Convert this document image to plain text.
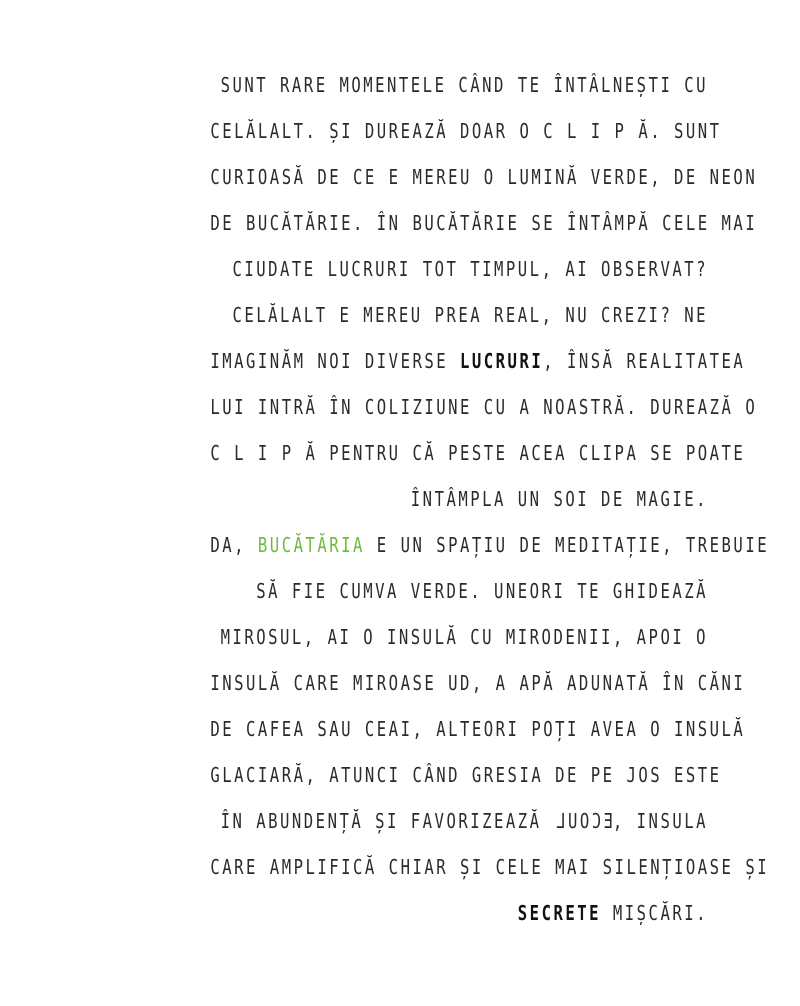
SUNT RARE MOMENTELE CÂND TE ÎNTÂLNEȘTI CU
CELĂLALT. ȘI DUREAZĂ DOAR O C L I P Ă. SUNT
CURIOASĂ DE CE E MEREU O LUMINĂ VERDE, DE NEON
DE BUCĂTĂRIE. ÎN BUCĂTĂRIE SE ÎNTÂMPĂ CELE MAI
CIUDATE LUCRURI TOT TIMPUL, AI OBSERVAT?
CELĂLALT E MEREU PREA REAL, NU CREZI? NE
IMAGINĂM NOI DIVERSE LUCRURI, ÎNSĂ REALITATEA
LUI INTRĂ ÎN COLIZIUNE CU A NOASTRĂ. DUREAZĂ O
C L I P Ă PENTRU CĂ PESTE ACEA CLIPA SE POATE
ÎNTÂMPLA UN SOI DE MAGIE.
DA, BUCĂTĂRIA E UN SPAȚIU DE MEDITAȚIE, TREBUIE
SĂ FIE CUMVA VERDE. UNEORI TE GHIDEAZĂ
MIROSUL, AI O INSULĂ CU MIRODENII, APOI O
INSULĂ CARE MIROASE UD, A APĂ ADUNATĂ ÎN CĂNI
DE CAFEA SAU CEAI, ALTEORI POȚI AVEA O INSULĂ
GLACIARĂ, ATUNCI CÂND GRESIA DE PE JOS ESTE
ÎN ABUNDENȚĂ ȘI FAVORIZEAZĂ ECOUL, INSULA
CARE AMPLIFICĂ CHIAR ȘI CELE MAI SILENȚIOASE ȘI
SECRETE MIȘCĂRI.
